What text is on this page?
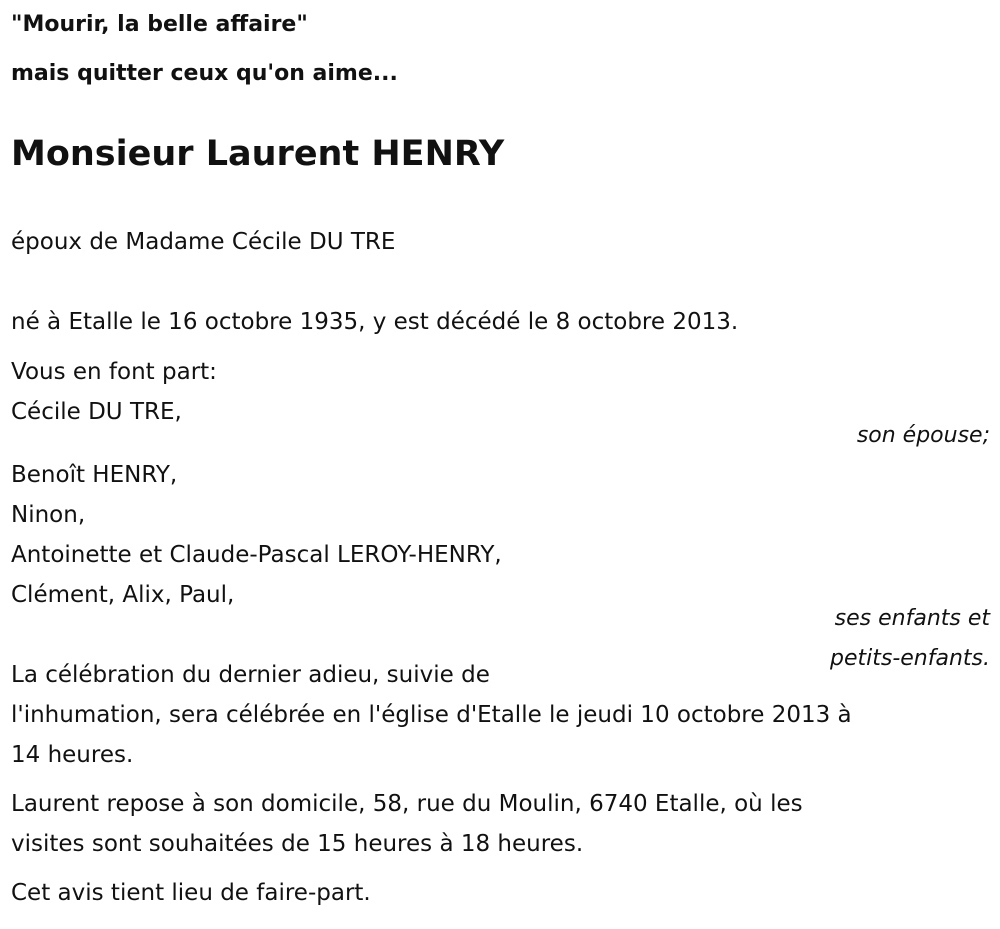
"Mourir, la belle affaire"
mais quitter ceux qu'on aime...
Monsieur Laurent HENRY
époux de Madame Cécile DU TRE
né à Etalle le 16 octobre 1935, y est décédé le 8 octobre 2013.
Vous en font part:
Cécile DU TRE,
son épouse;
Benoît HENRY,
Ninon,
Antoinette et Claude-Pascal LEROY-HENRY,
Clément, Alix, Paul,
ses enfants et
petits-enfants.
La célébration du dernier adieu, suivie de
l'inhumation, sera célébrée en l'église d'Etalle le jeudi 10 octobre 2013 à
14 heures.
Laurent repose à son domicile, 58, rue du Moulin, 6740 Etalle, où les
visites sont souhaitées de 15 heures à 18 heures.
Cet avis tient lieu de faire-part.
